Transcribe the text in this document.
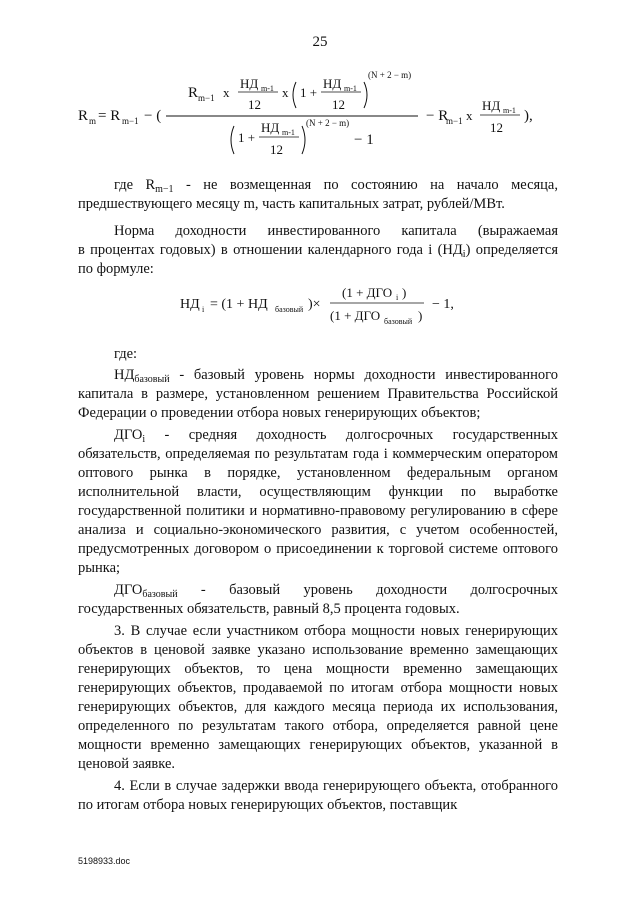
25
R m−1 x
НД m-1
12
x 1 +
НД m-1
12
(N + 2 − m)
R m = R m−1 − (
1 +
НД m-1
12
(N + 2 − m)
− 1
− R
m−1 x
НД m-1
12
),

где $R_{m-1}$ - не возмещенная по состоянию на начало месяца, предшествующего месяцу m, часть капитальных затрат, рублей/МВт.

Норма доходности инвестированного капитала (выражаемая

в процентах годовых) в отношении календарного года i $(НД_i)$ определяется

по формуле:

НД i = (1 + НД базовый )×
(1 + ДГО i )
(1 + ДГО базовый )
− 1,

где:

$НД_{базовый}$ - базовый уровень нормы доходности инвестированного капитала в размере, установленном решением Правительства Российской Федерации о проведении отбора новых генерирующих объектов;

$ДГО_i$ - средняя доходность долгосрочных государственных обязательств, определяемая по результатам года i коммерческим оператором оптового рынка в порядке, установленном федеральным органом исполнительной власти, осуществляющим функции по выработке государственной политики и нормативно-правовому регулированию в сфере анализа и социально-экономического развития, с учетом особенностей, предусмотренных договором о присоединении к торговой системе оптового рынка;

$ДГО_{базовый}$ - базовый уровень доходности долгосрочных

государственных обязательств, равный 8,5 процента годовых.

3. В случае если участником отбора мощности новых генерирующих объектов в ценовой заявке указано использование временно замещающих генерирующих объектов, то цена мощности временно замещающих генерирующих объектов, продаваемой по итогам отбора мощности новых генерирующих объектов, для каждого месяца периода их использования, определенного по результатам такого отбора, определяется равной цене мощности временно замещающих генерирующих объектов, указанной в ценовой заявке.

4. Если в случае задержки ввода генерирующего объекта, отобранного по итогам отбора новых генерирующих объектов, поставщик

5198933.doc
